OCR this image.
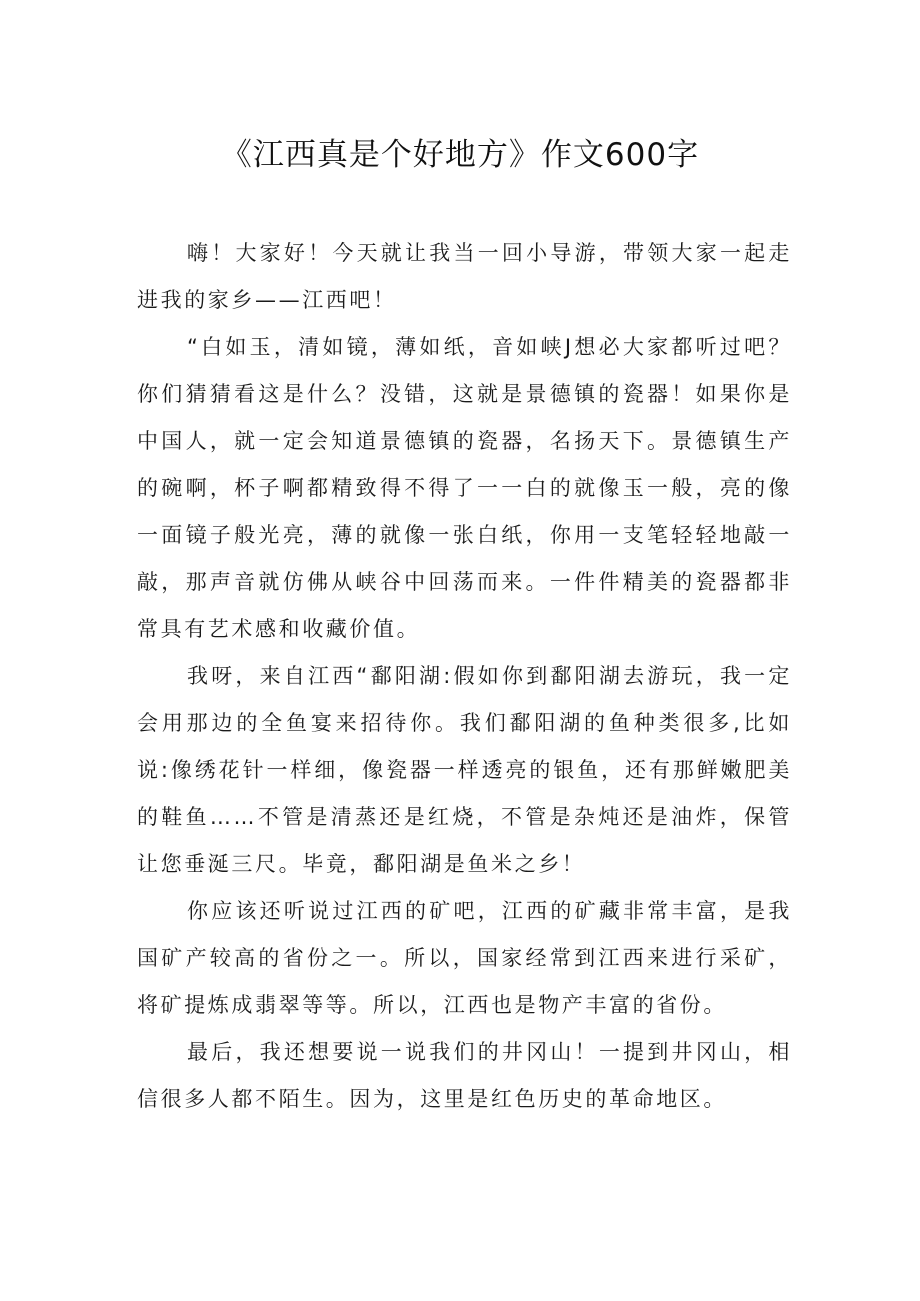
《江西真是个好地方》作文600字

嗨！大家好！今天就让我当一回小导游，带领大家一起走进我的家乡——江西吧！

“白如玉，清如镜，薄如纸，音如峡J想必大家都听过吧？你们猜猜看这是什么？没错，这就是景德镇的瓷器！如果你是中国人，就一定会知道景德镇的瓷器，名扬天下。景德镇生产的碗啊，杯子啊都精致得不得了一一白的就像玉一般，亮的像一面镜子般光亮，薄的就像一张白纸，你用一支笔轻轻地敲一敲，那声音就仿佛从峡谷中回荡而来。一件件精美的瓷器都非常具有艺术感和收藏价值。

我呀，来自江西“鄱阳湖:假如你到鄱阳湖去游玩，我一定会用那边的全鱼宴来招待你。我们鄱阳湖的鱼种类很多,比如说:像绣花针一样细，像瓷器一样透亮的银鱼，还有那鲜嫩肥美的鞋鱼……不管是清蒸还是红烧，不管是杂炖还是油炸，保管让您垂涎三尺。毕竟，鄱阳湖是鱼米之乡！

你应该还听说过江西的矿吧，江西的矿藏非常丰富，是我国矿产较高的省份之一。所以，国家经常到江西来进行采矿，将矿提炼成翡翠等等。所以，江西也是物产丰富的省份。

最后，我还想要说一说我们的井冈山！一提到井冈山，相信很多人都不陌生。因为，这里是红色历史的革命地区。
